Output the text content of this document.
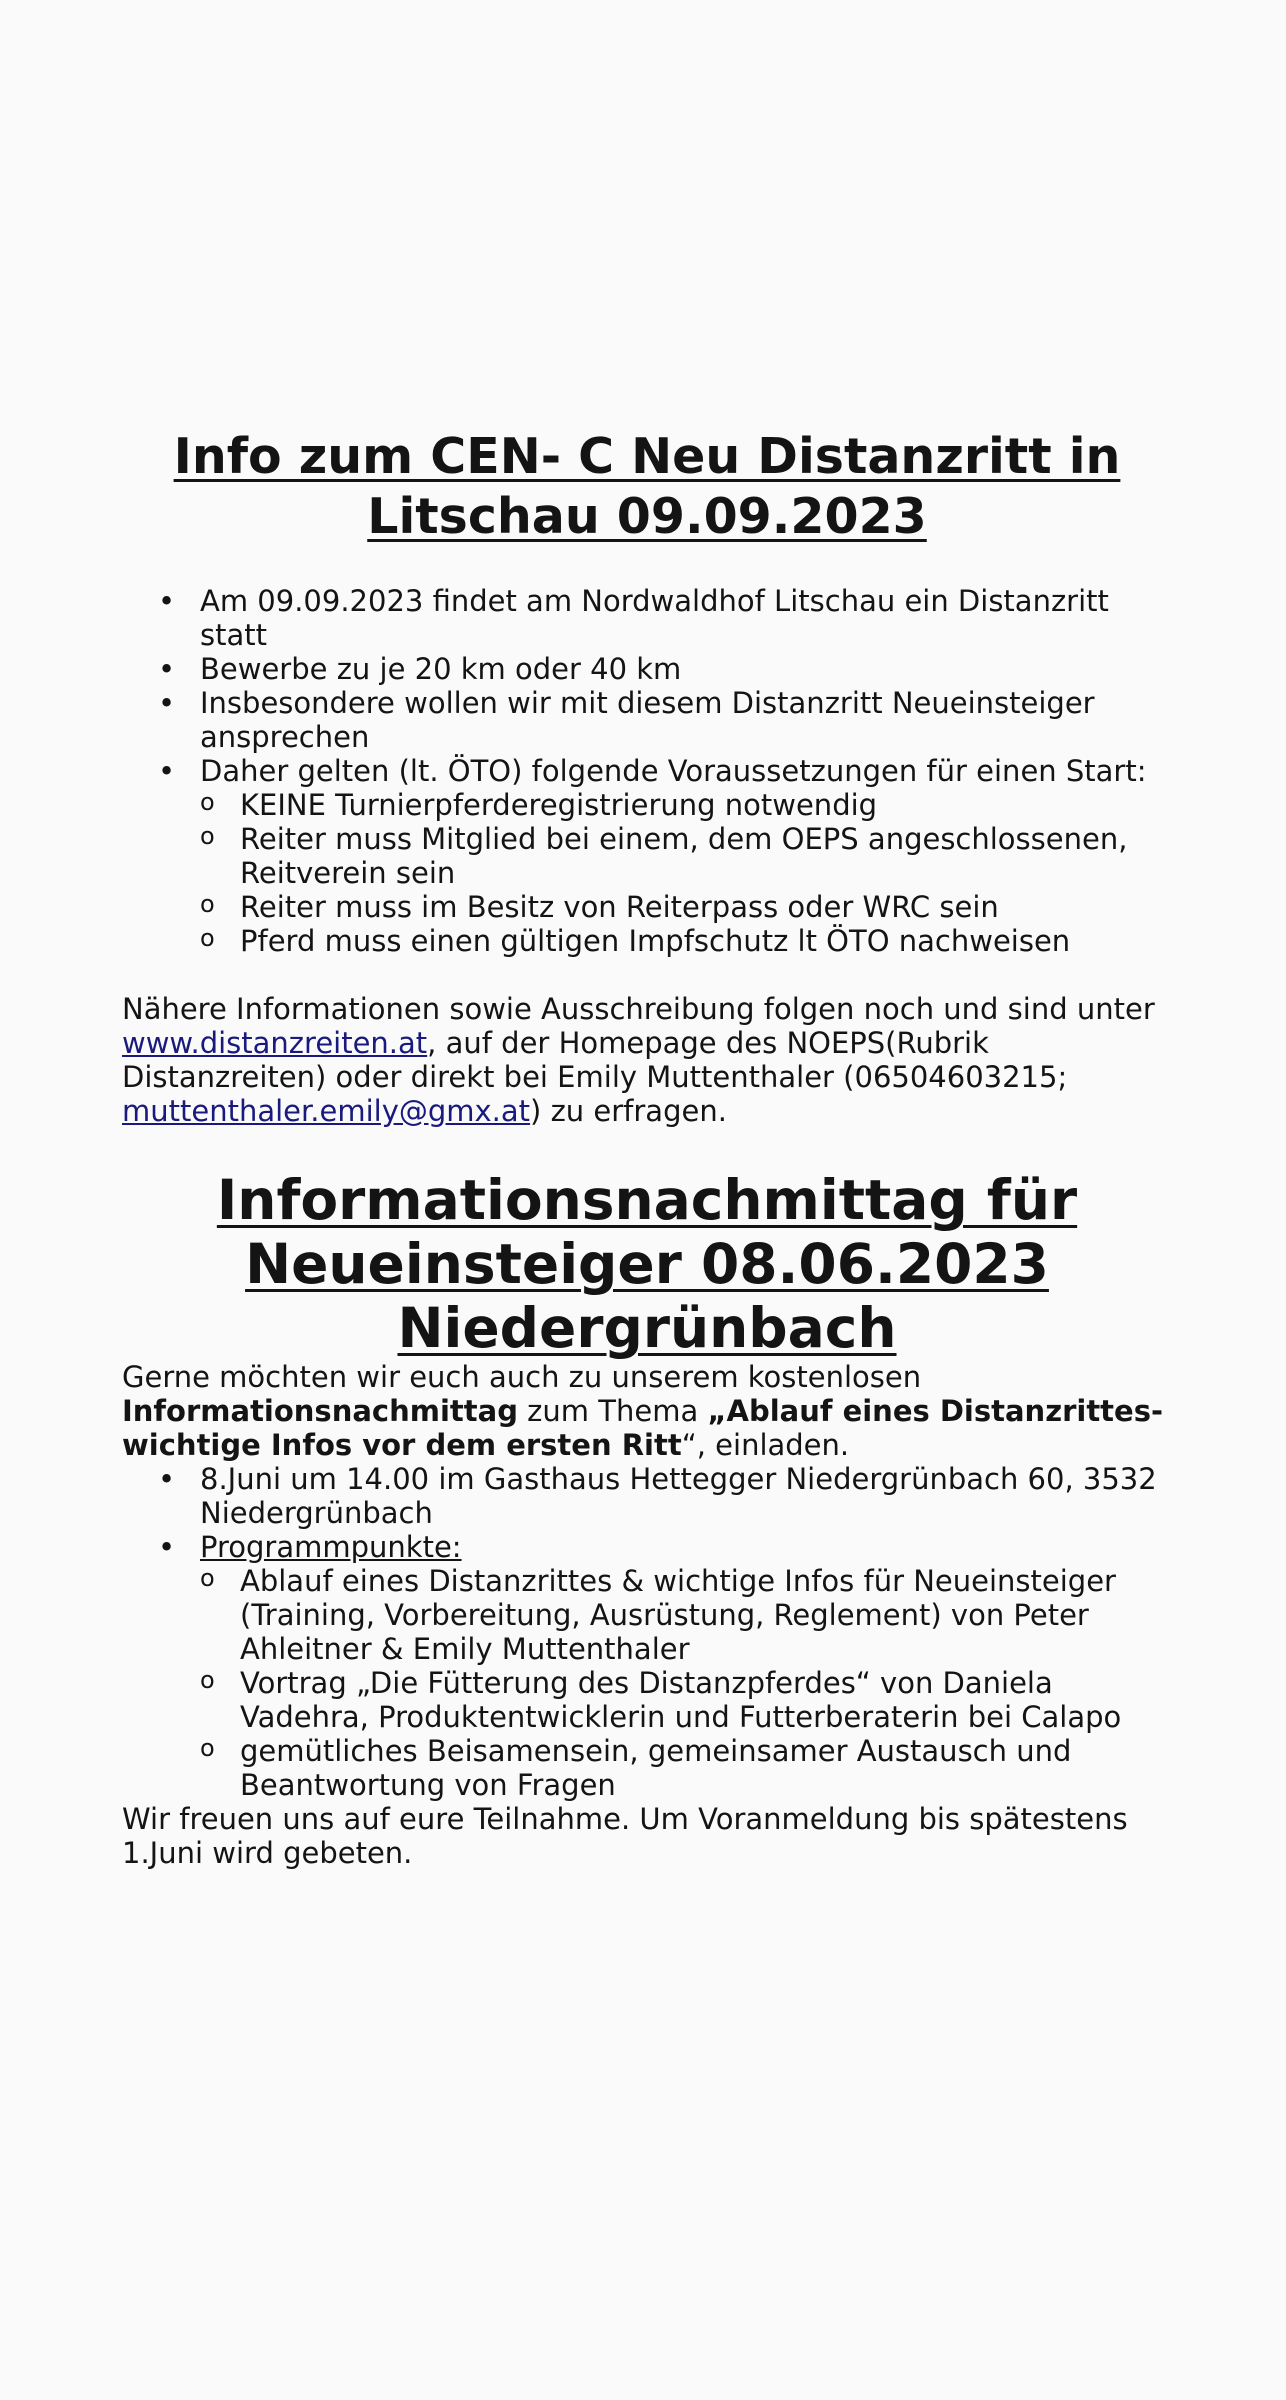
Info zum CEN- C Neu Distanzritt in
Litschau 09.09.2023
• Am 09.09.2023 findet am Nordwaldhof Litschau ein Distanzritt statt
• Bewerbe zu je 20 km oder 40 km
• Insbesondere wollen wir mit diesem Distanzritt Neueinsteiger ansprechen
• Daher gelten (lt. ÖTO) folgende Voraussetzungen für einen Start:
o KEINE Turnierpferderegistrierung notwendig
o Reiter muss Mitglied bei einem, dem OEPS angeschlossenen, Reitverein sein
o Reiter muss im Besitz von Reiterpass oder WRC sein
o Pferd muss einen gültigen Impfschutz lt ÖTO nachweisen

Nähere Informationen sowie Ausschreibung folgen noch und sind unter www.distanzreiten.at, auf der Homepage des NOEPS(Rubrik Distanzreiten) oder direkt bei Emily Muttenthaler (06504603215; muttenthaler.emily@gmx.at) zu erfragen.

Informationsnachmittag für
Neueinsteiger 08.06.2023
Niedergrünbach

Gerne möchten wir euch auch zu unserem kostenlosen Informationsnachmittag zum Thema „Ablauf eines Distanzrittes- wichtige Infos vor dem ersten Ritt“, einladen.

• 8.Juni um 14.00 im Gasthaus Hettegger Niedergrünbach 60, 3532 Niedergrünbach
• Programmpunkte:
o Ablauf eines Distanzrittes & wichtige Infos für Neueinsteiger (Training, Vorbereitung, Ausrüstung, Reglement) von Peter Ahleitner & Emily Muttenthaler
o Vortrag „Die Fütterung des Distanzpferdes“ von Daniela Vadehra, Produktentwicklerin und Futterberaterin bei Calapo
o gemütliches Beisamensein, gemeinsamer Austausch und Beantwortung von Fragen

Wir freuen uns auf eure Teilnahme. Um Voranmeldung bis spätestens 1.Juni wird gebeten.
